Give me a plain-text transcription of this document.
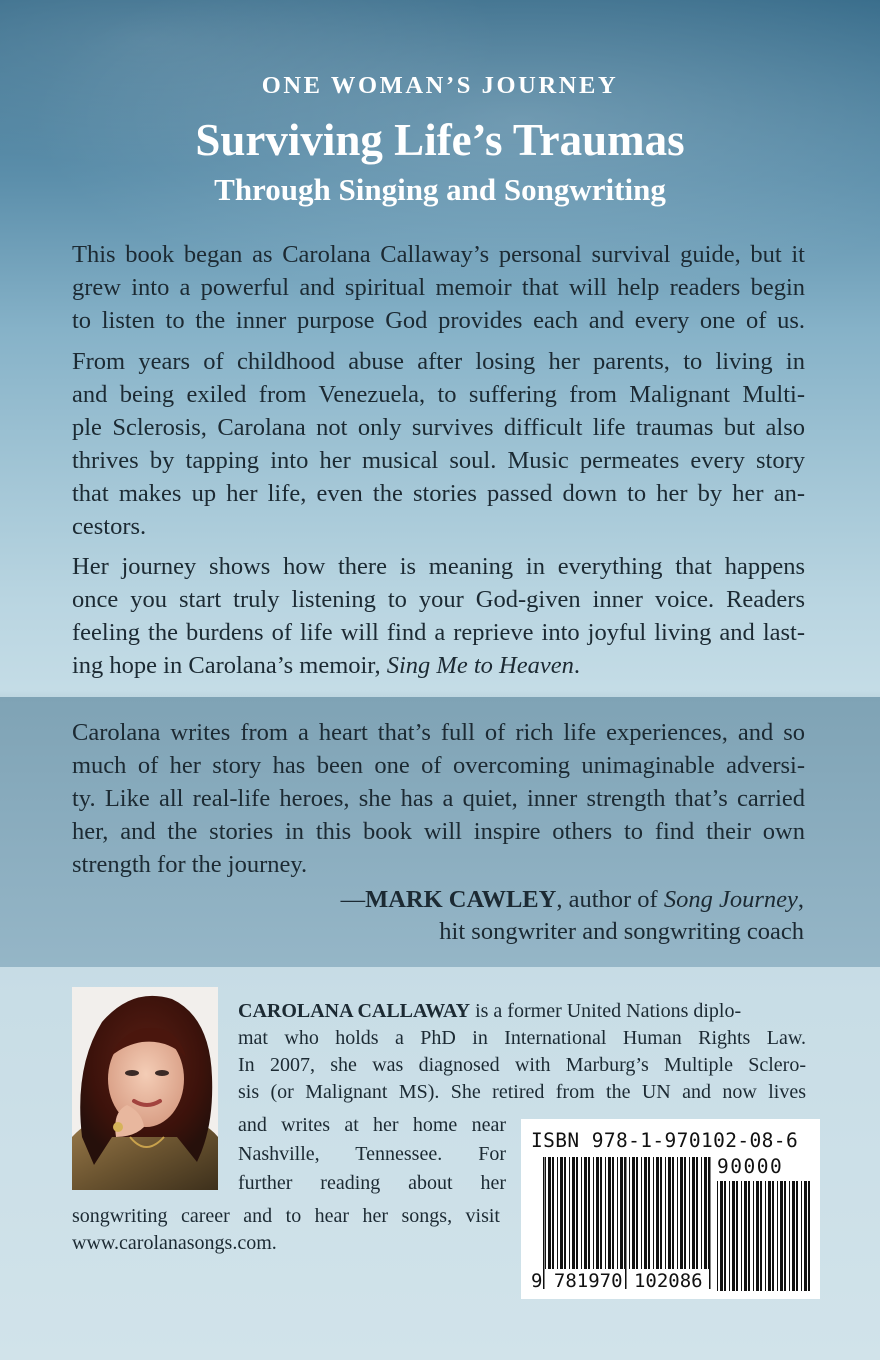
ONE WOMAN’S JOURNEY
Surviving Life’s Traumas
Through Singing and Songwriting
This book began as Carolana Callaway’s personal survival guide, but it
grew into a powerful and spiritual memoir that will help readers begin
to listen to the inner purpose God provides each and every one of us.
From years of childhood abuse after losing her parents, to living in
and being exiled from Venezuela, to suffering from Malignant Multi-
ple Sclerosis, Carolana not only survives difficult life traumas but also
thrives by tapping into her musical soul. Music permeates every story
that makes up her life, even the stories passed down to her by her an-
cestors.
Her journey shows how there is meaning in everything that happens
once you start truly listening to your God-given inner voice. Readers
feeling the burdens of life will find a reprieve into joyful living and last-
ing hope in Carolana’s memoir, Sing Me to Heaven.
Carolana writes from a heart that’s full of rich life experiences, and so
much of her story has been one of overcoming unimaginable adversi-
ty. Like all real-life heroes, she has a quiet, inner strength that’s carried
her, and the stories in this book will inspire others to find their own
strength for the journey.
—MARK CAWLEY, author of Song Journey,
hit songwriter and songwriting coach
CAROLANA CALLAWAY is a former United Nations diplo-
mat who holds a PhD in International Human Rights Law.
In 2007, she was diagnosed with Marburg’s Multiple Sclero-
sis (or Malignant MS). She retired from the UN and now lives
and writes at her home near
Nashville, Tennessee. For
further reading about her
songwriting career and to hear her songs, visit
www.carolanasongs.com.
ISBN 978-1-970102-08-6
90000
9 781970 102086
